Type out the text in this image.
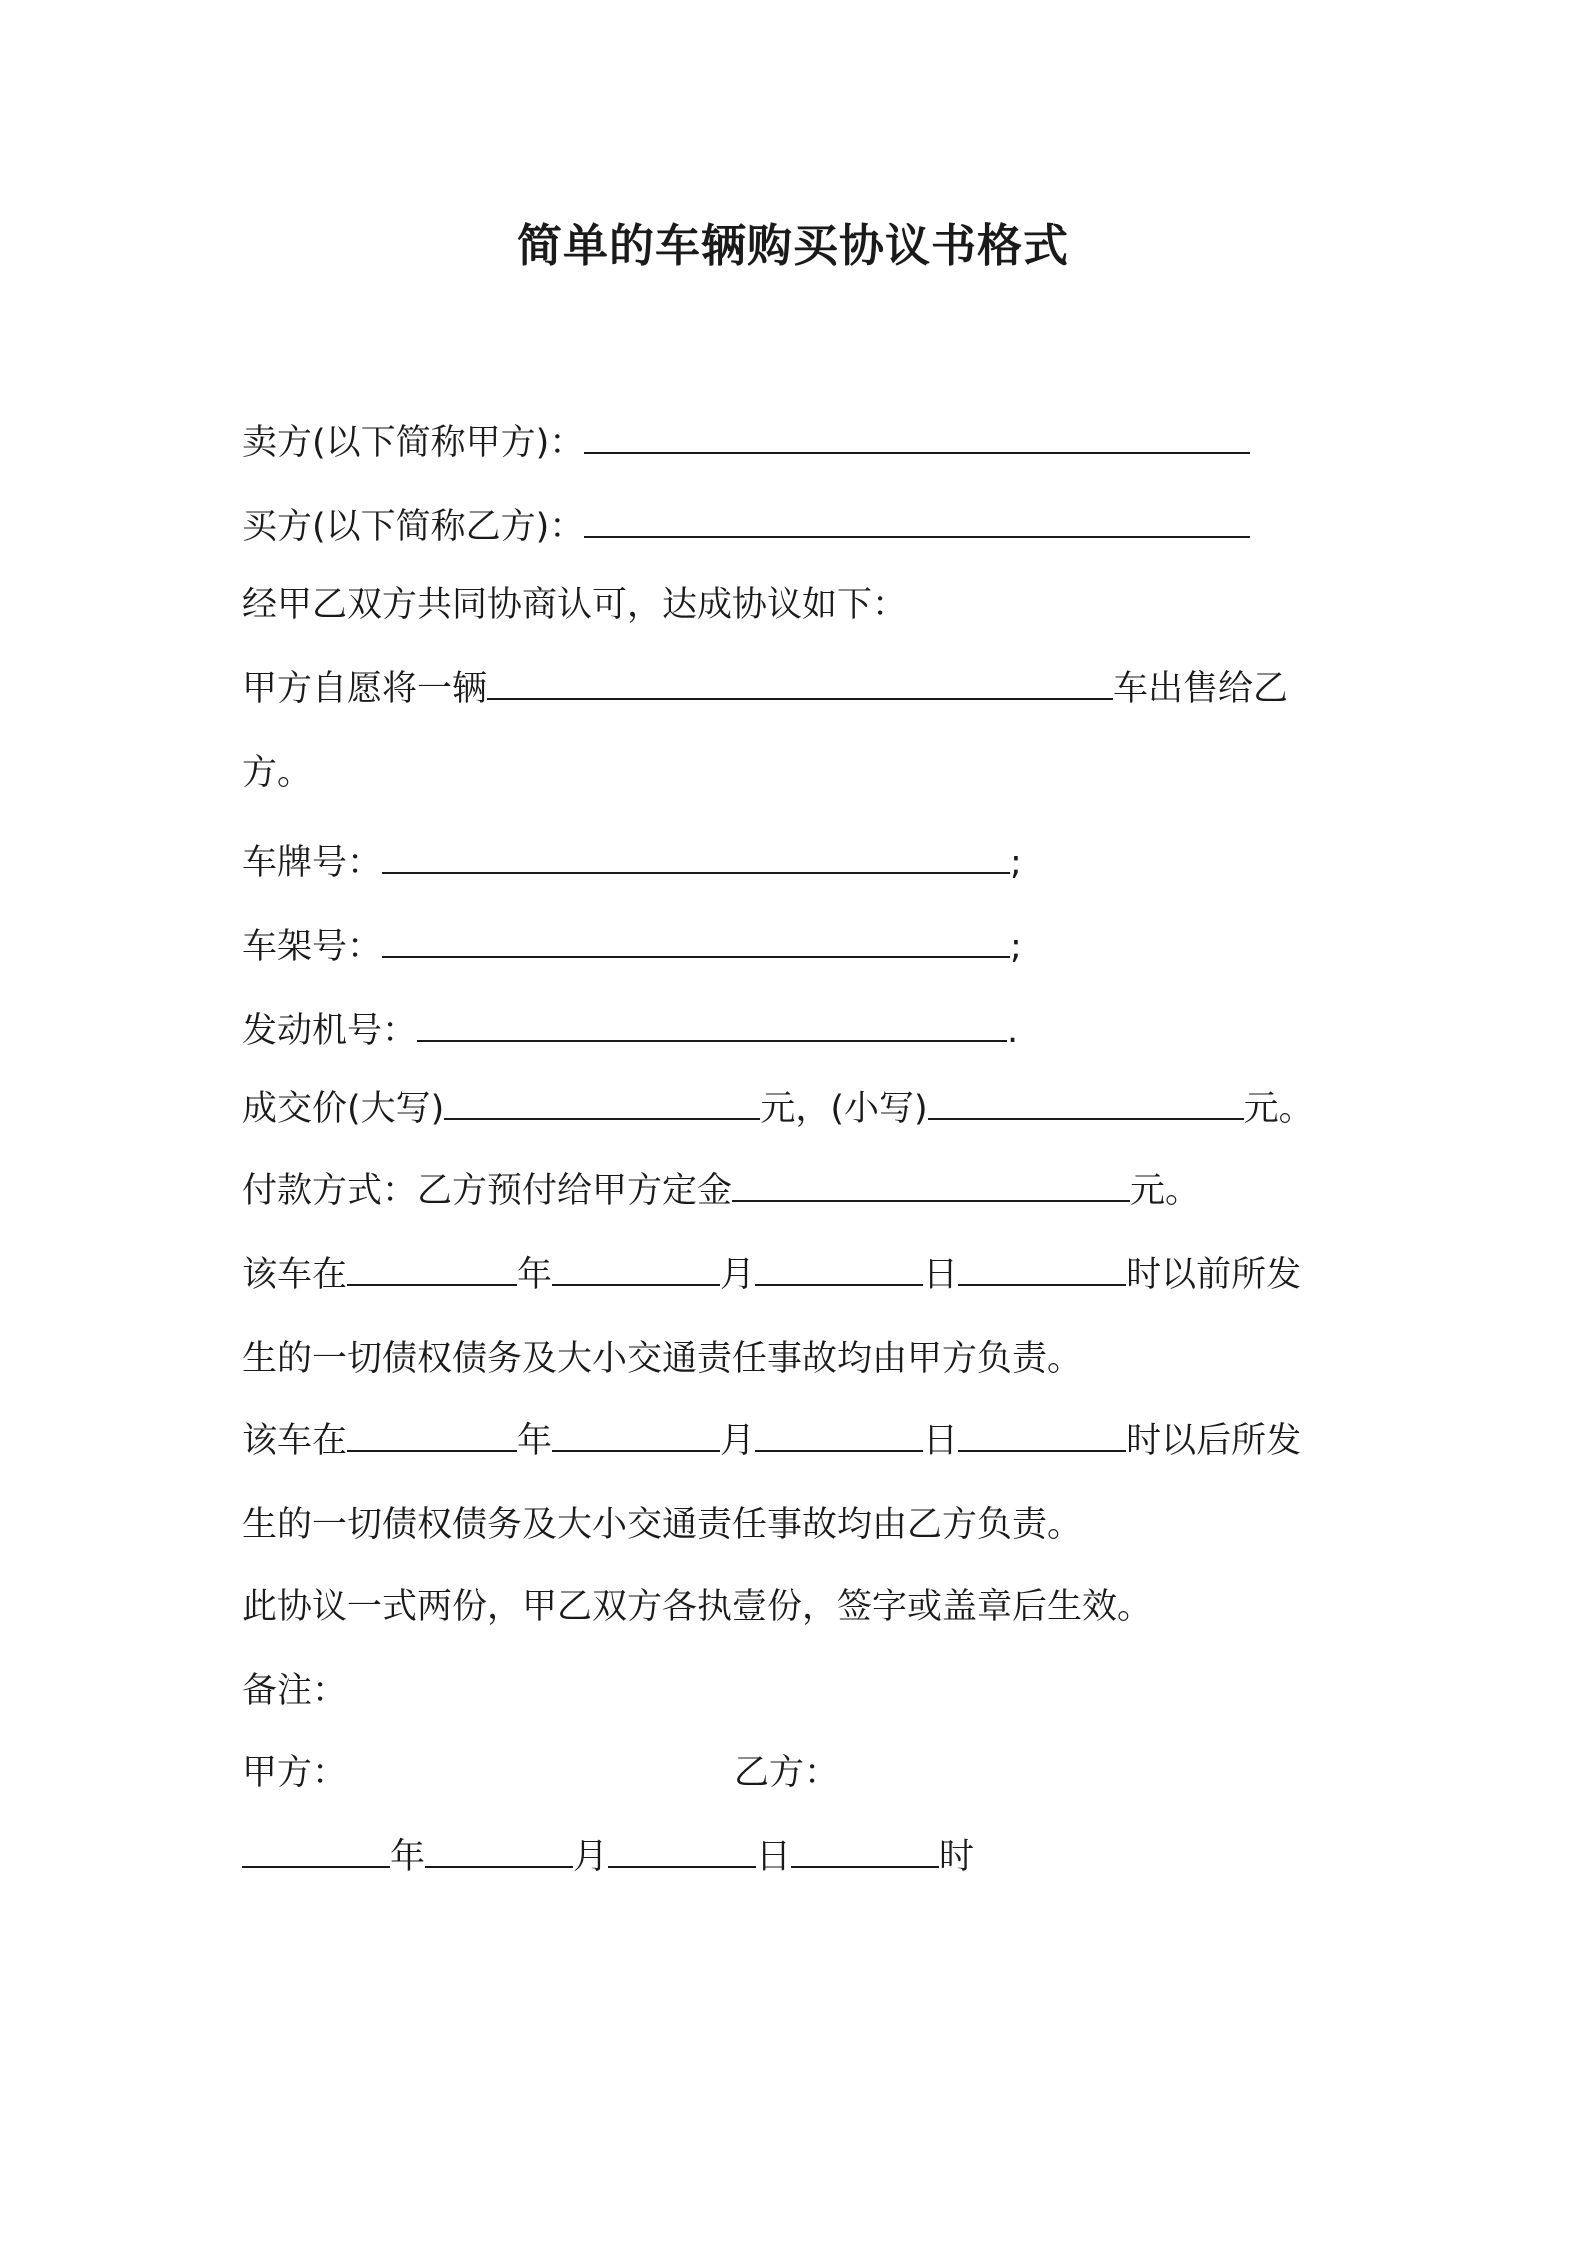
简单的车辆购买协议书格式
卖方(以下简称甲方)：
买方(以下简称乙方)：
经甲乙双方共同协商认可，达成协议如下：
甲方自愿将一辆	车出售给乙
方。
车牌号：	;
车架号：	;
发动机号：	.
成交价(大写)	元，(小写)	元。
付款方式：乙方预付给甲方定金	元。
该车在	年	月	日	时以前所发
生的一切债权债务及大小交通责任事故均由甲方负责。
该车在	年	月	日	时以后所发
生的一切债权债务及大小交通责任事故均由乙方负责。
此协议一式两份，甲乙双方各执壹份，签字或盖章后生效。
备注：
甲方：	乙方：
年	月	日	时
